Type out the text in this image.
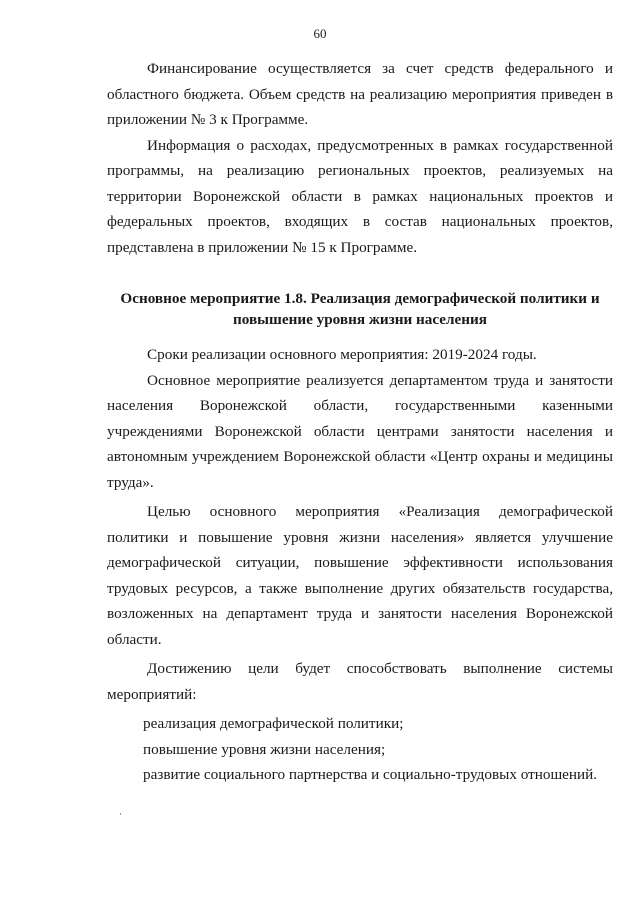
60

Финансирование осуществляется за счет средств федерального и областного бюджета. Объем средств на реализацию мероприятия приведен в приложении № 3 к Программе.

Информация о расходах, предусмотренных в рамках государственной программы, на реализацию региональных проектов, реализуемых на территории Воронежской области в рамках национальных проектов и федеральных проектов, входящих в состав национальных проектов, представлена в приложении № 15 к Программе.

Основное мероприятие 1.8. Реализация демографической политики и повышение уровня жизни населения

Сроки реализации основного мероприятия: 2019-2024 годы.

Основное мероприятие реализуется департаментом труда и занятости населения Воронежской области, государственными казенными учреждениями Воронежской области центрами занятости населения и автономным учреждением Воронежской области «Центр охраны и медицины труда».

Целью основного мероприятия «Реализация демографической политики и повышение уровня жизни населения» является улучшение демографической ситуации, повышение эффективности использования трудовых ресурсов, а также выполнение других обязательств государства, возложенных на департамент труда и занятости населения Воронежской области.

Достижению цели будет способствовать выполнение системы мероприятий:

реализация демографической политики;

повышение уровня жизни населения;

развитие социального партнерства и социально-трудовых отношений.
